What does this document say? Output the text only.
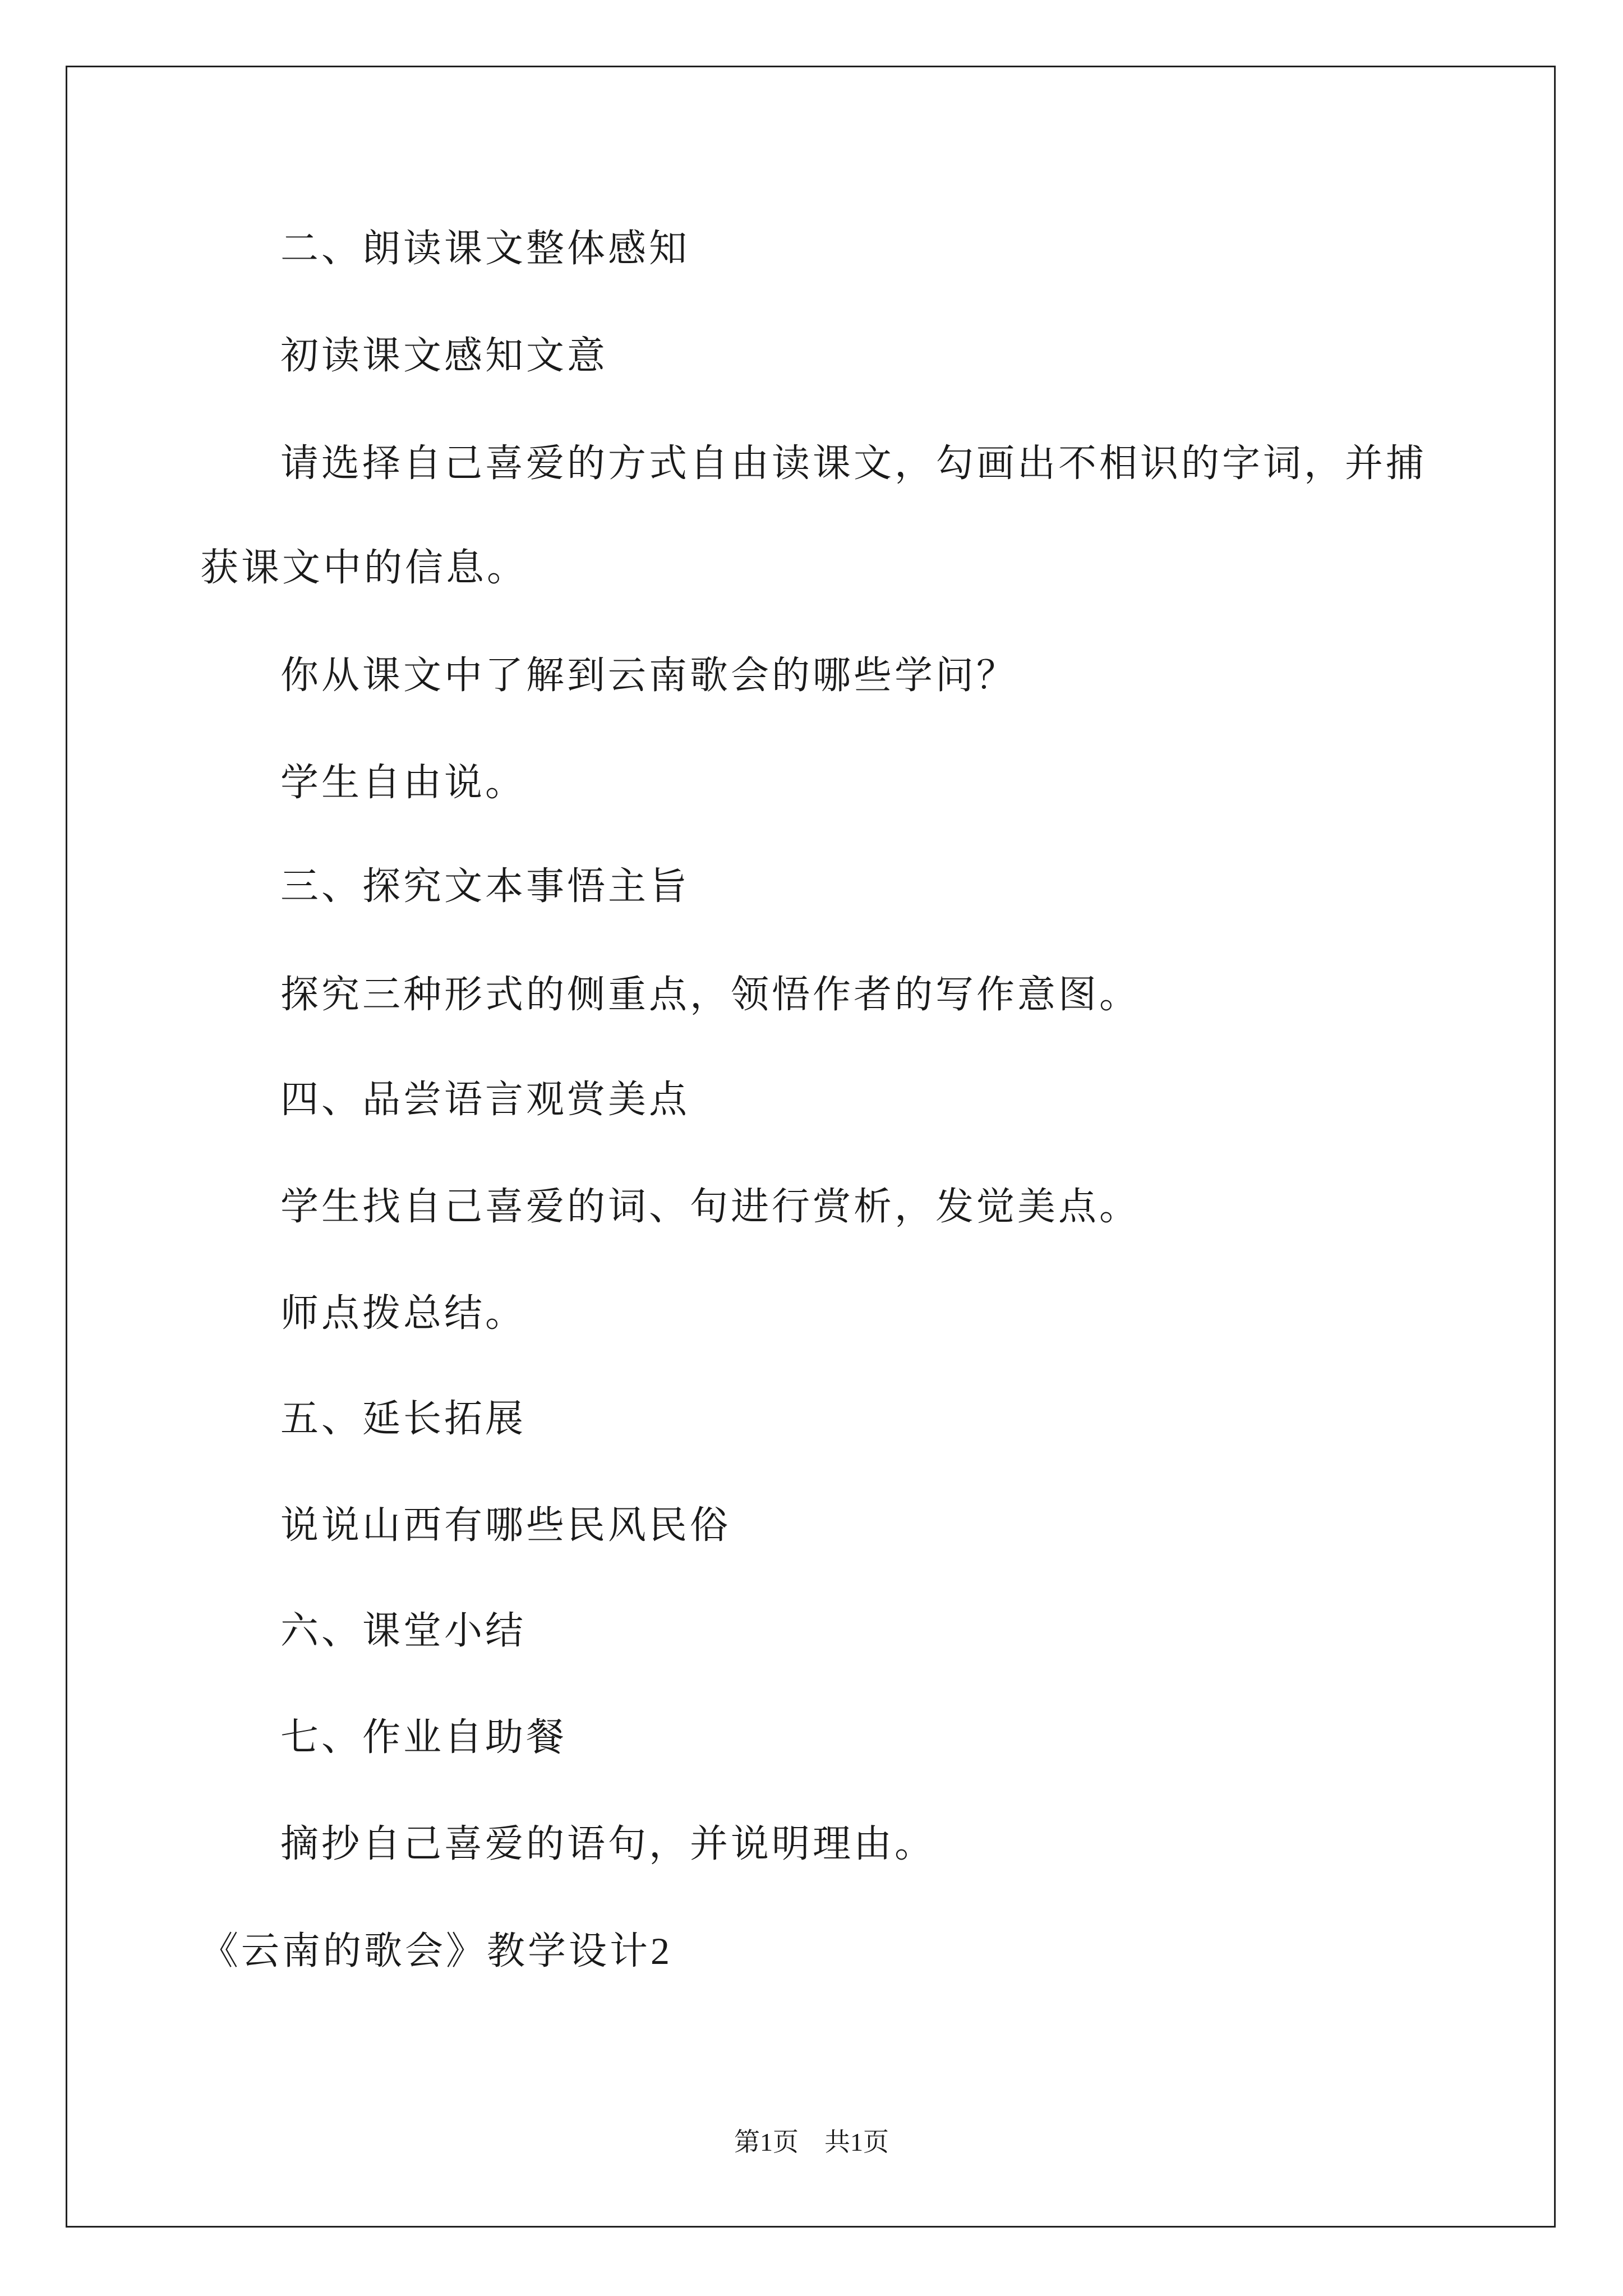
二、朗读课文整体感知
初读课文感知文意
请选择自己喜爱的方式自由读课文，勾画出不相识的字词，并捕
获课文中的信息。
你从课文中了解到云南歌会的哪些学问？
学生自由说。
三、探究文本事悟主旨
探究三种形式的侧重点，领悟作者的写作意图。
四、品尝语言观赏美点
学生找自己喜爱的词、句进行赏析，发觉美点。
师点拨总结。
五、延长拓展
说说山西有哪些民风民俗
六、课堂小结
七、作业自助餐
摘抄自己喜爱的语句，并说明理由。
《云南的歌会》教学设计2
第1页　共1页
